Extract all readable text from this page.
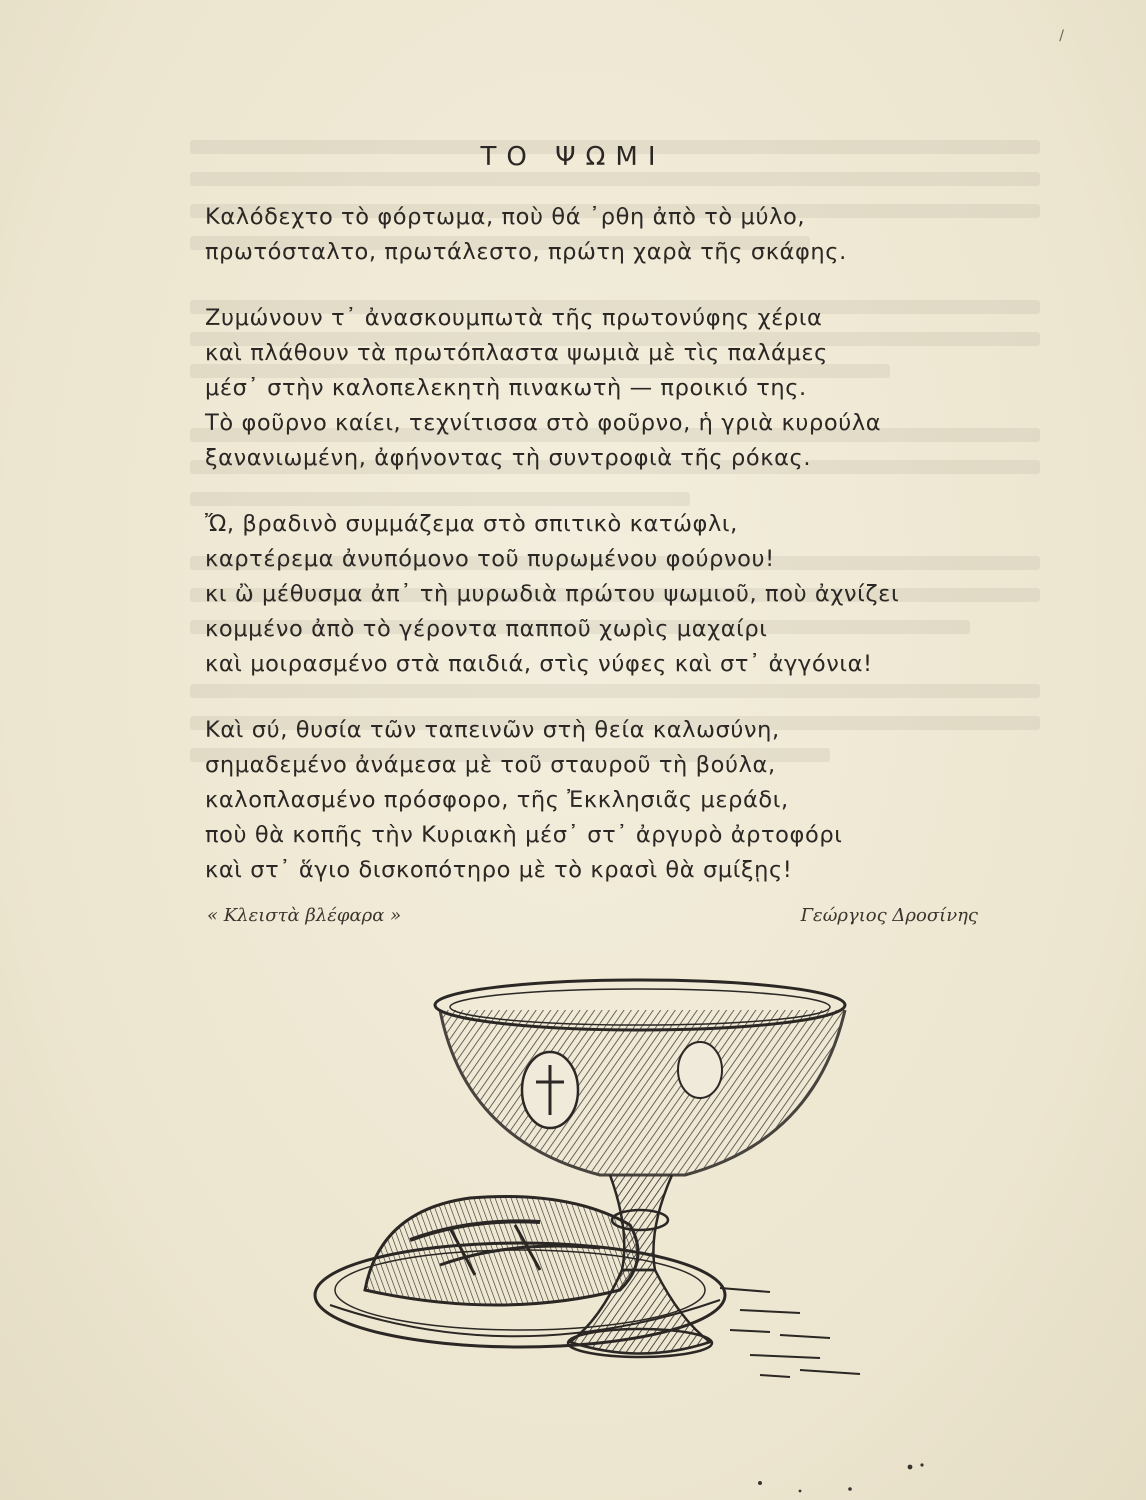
/
ΤΟ ΨΩΜΙ
Καλόδεχτο τὸ φόρτωμα, ποὺ θά ᾽ρθη ἀπὸ τὸ μύλο,
πρωτόσταλτο, πρωτάλεστο, πρώτη χαρὰ τῆς σκάφης.
Ζυμώνουν τ᾽ ἀνασκουμπωτὰ τῆς πρωτονύφης χέρια
καὶ πλάθουν τὰ πρωτόπλαστα ψωμιὰ μὲ τὶς παλάμες
μέσ᾽ στὴν καλοπελεκητὴ πινακωτὴ — προικιό της.
Τὸ φοῦρνο καίει, τεχνίτισσα στὸ φοῦρνο, ἡ γριὰ κυρούλα
ξανανιωμένη, ἀφήνοντας τὴ συντροφιὰ τῆς ρόκας.
Ὤ, βραδινὸ συμμάζεμα στὸ σπιτικὸ κατώφλι,
καρτέρεμα ἀνυπόμονο τοῦ πυρωμένου φούρνου!
κι ὢ μέθυσμα ἀπ᾽ τὴ μυρωδιὰ πρώτου ψωμιοῦ, ποὺ ἀχνίζει
κομμένο ἀπὸ τὸ γέροντα παπποῦ χωρὶς μαχαίρι
καὶ μοιρασμένο στὰ παιδιά, στὶς νύφες καὶ στ᾽ ἀγγόνια!
Καὶ σύ, θυσία τῶν ταπεινῶν στὴ θεία καλωσύνη,
σημαδεμένο ἀνάμεσα μὲ τοῦ σταυροῦ τὴ βούλα,
καλοπλασμένο πρόσφορο, τῆς Ἐκκλησιᾶς μεράδι,
ποὺ θὰ κοπῆς τὴν Κυριακὴ μέσ᾽ στ᾽ ἀργυρὸ ἀρτοφόρι
καὶ στ᾽ ἅγιο δισκοπότηρο μὲ τὸ κρασὶ θὰ σμίξῃς!
« Κλειστὰ βλέφαρα »	Γεώργιος Δροσίνης
